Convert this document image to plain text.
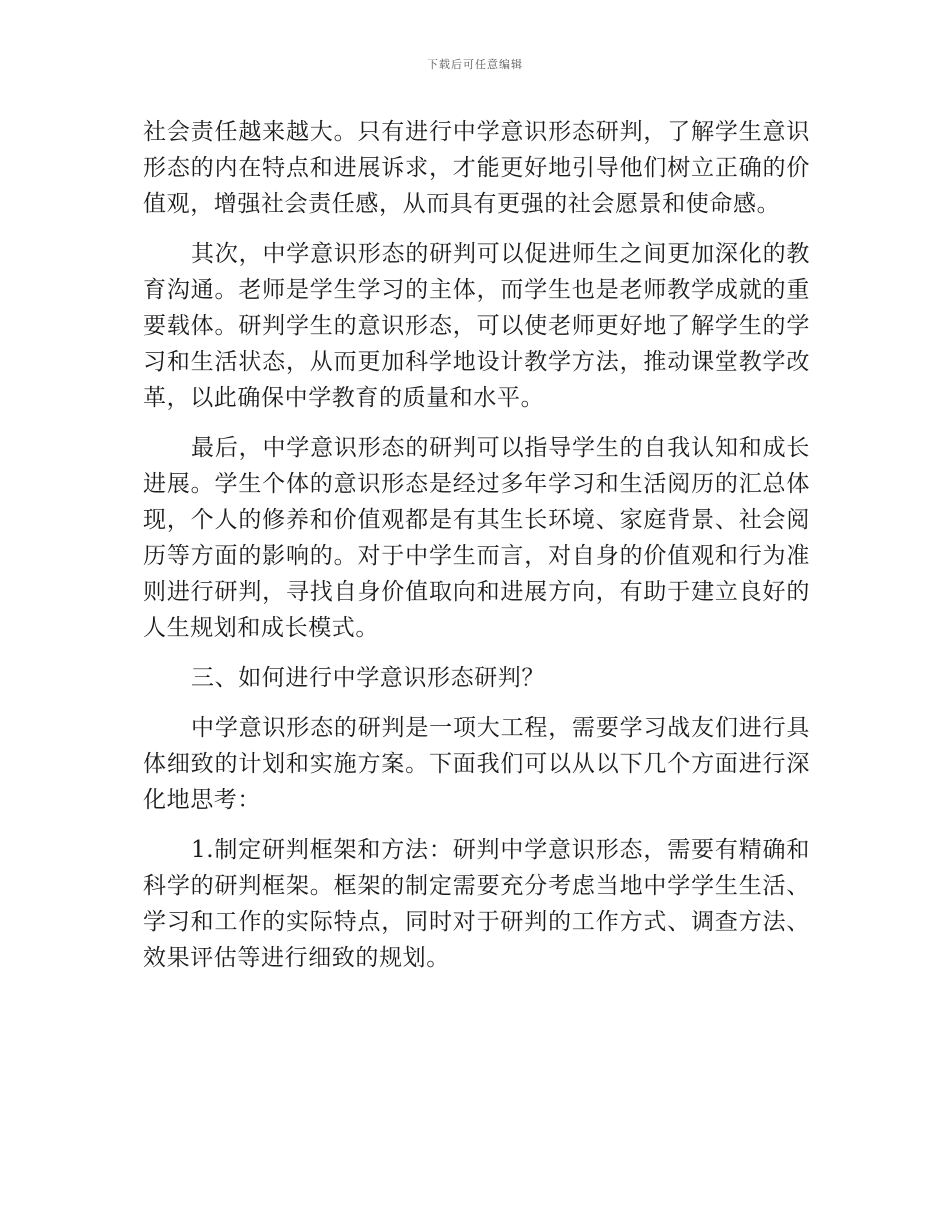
下载后可任意编辑

社会责任越来越大。只有进行中学意识形态研判，了解学生意识形态的内在特点和进展诉求，才能更好地引导他们树立正确的价值观，增强社会责任感，从而具有更强的社会愿景和使命感。

其次，中学意识形态的研判可以促进师生之间更加深化的教育沟通。老师是学生学习的主体，而学生也是老师教学成就的重要载体。研判学生的意识形态，可以使老师更好地了解学生的学习和生活状态，从而更加科学地设计教学方法，推动课堂教学改革，以此确保中学教育的质量和水平。

最后，中学意识形态的研判可以指导学生的自我认知和成长进展。学生个体的意识形态是经过多年学习和生活阅历的汇总体现，个人的修养和价值观都是有其生长环境、家庭背景、社会阅历等方面的影响的。对于中学生而言，对自身的价值观和行为准则进行研判，寻找自身价值取向和进展方向，有助于建立良好的人生规划和成长模式。

三、如何进行中学意识形态研判？

中学意识形态的研判是一项大工程，需要学习战友们进行具体细致的计划和实施方案。下面我们可以从以下几个方面进行深化地思考：

1.制定研判框架和方法：研判中学意识形态，需要有精确和科学的研判框架。框架的制定需要充分考虑当地中学学生生活、学习和工作的实际特点，同时对于研判的工作方式、调查方法、效果评估等进行细致的规划。
